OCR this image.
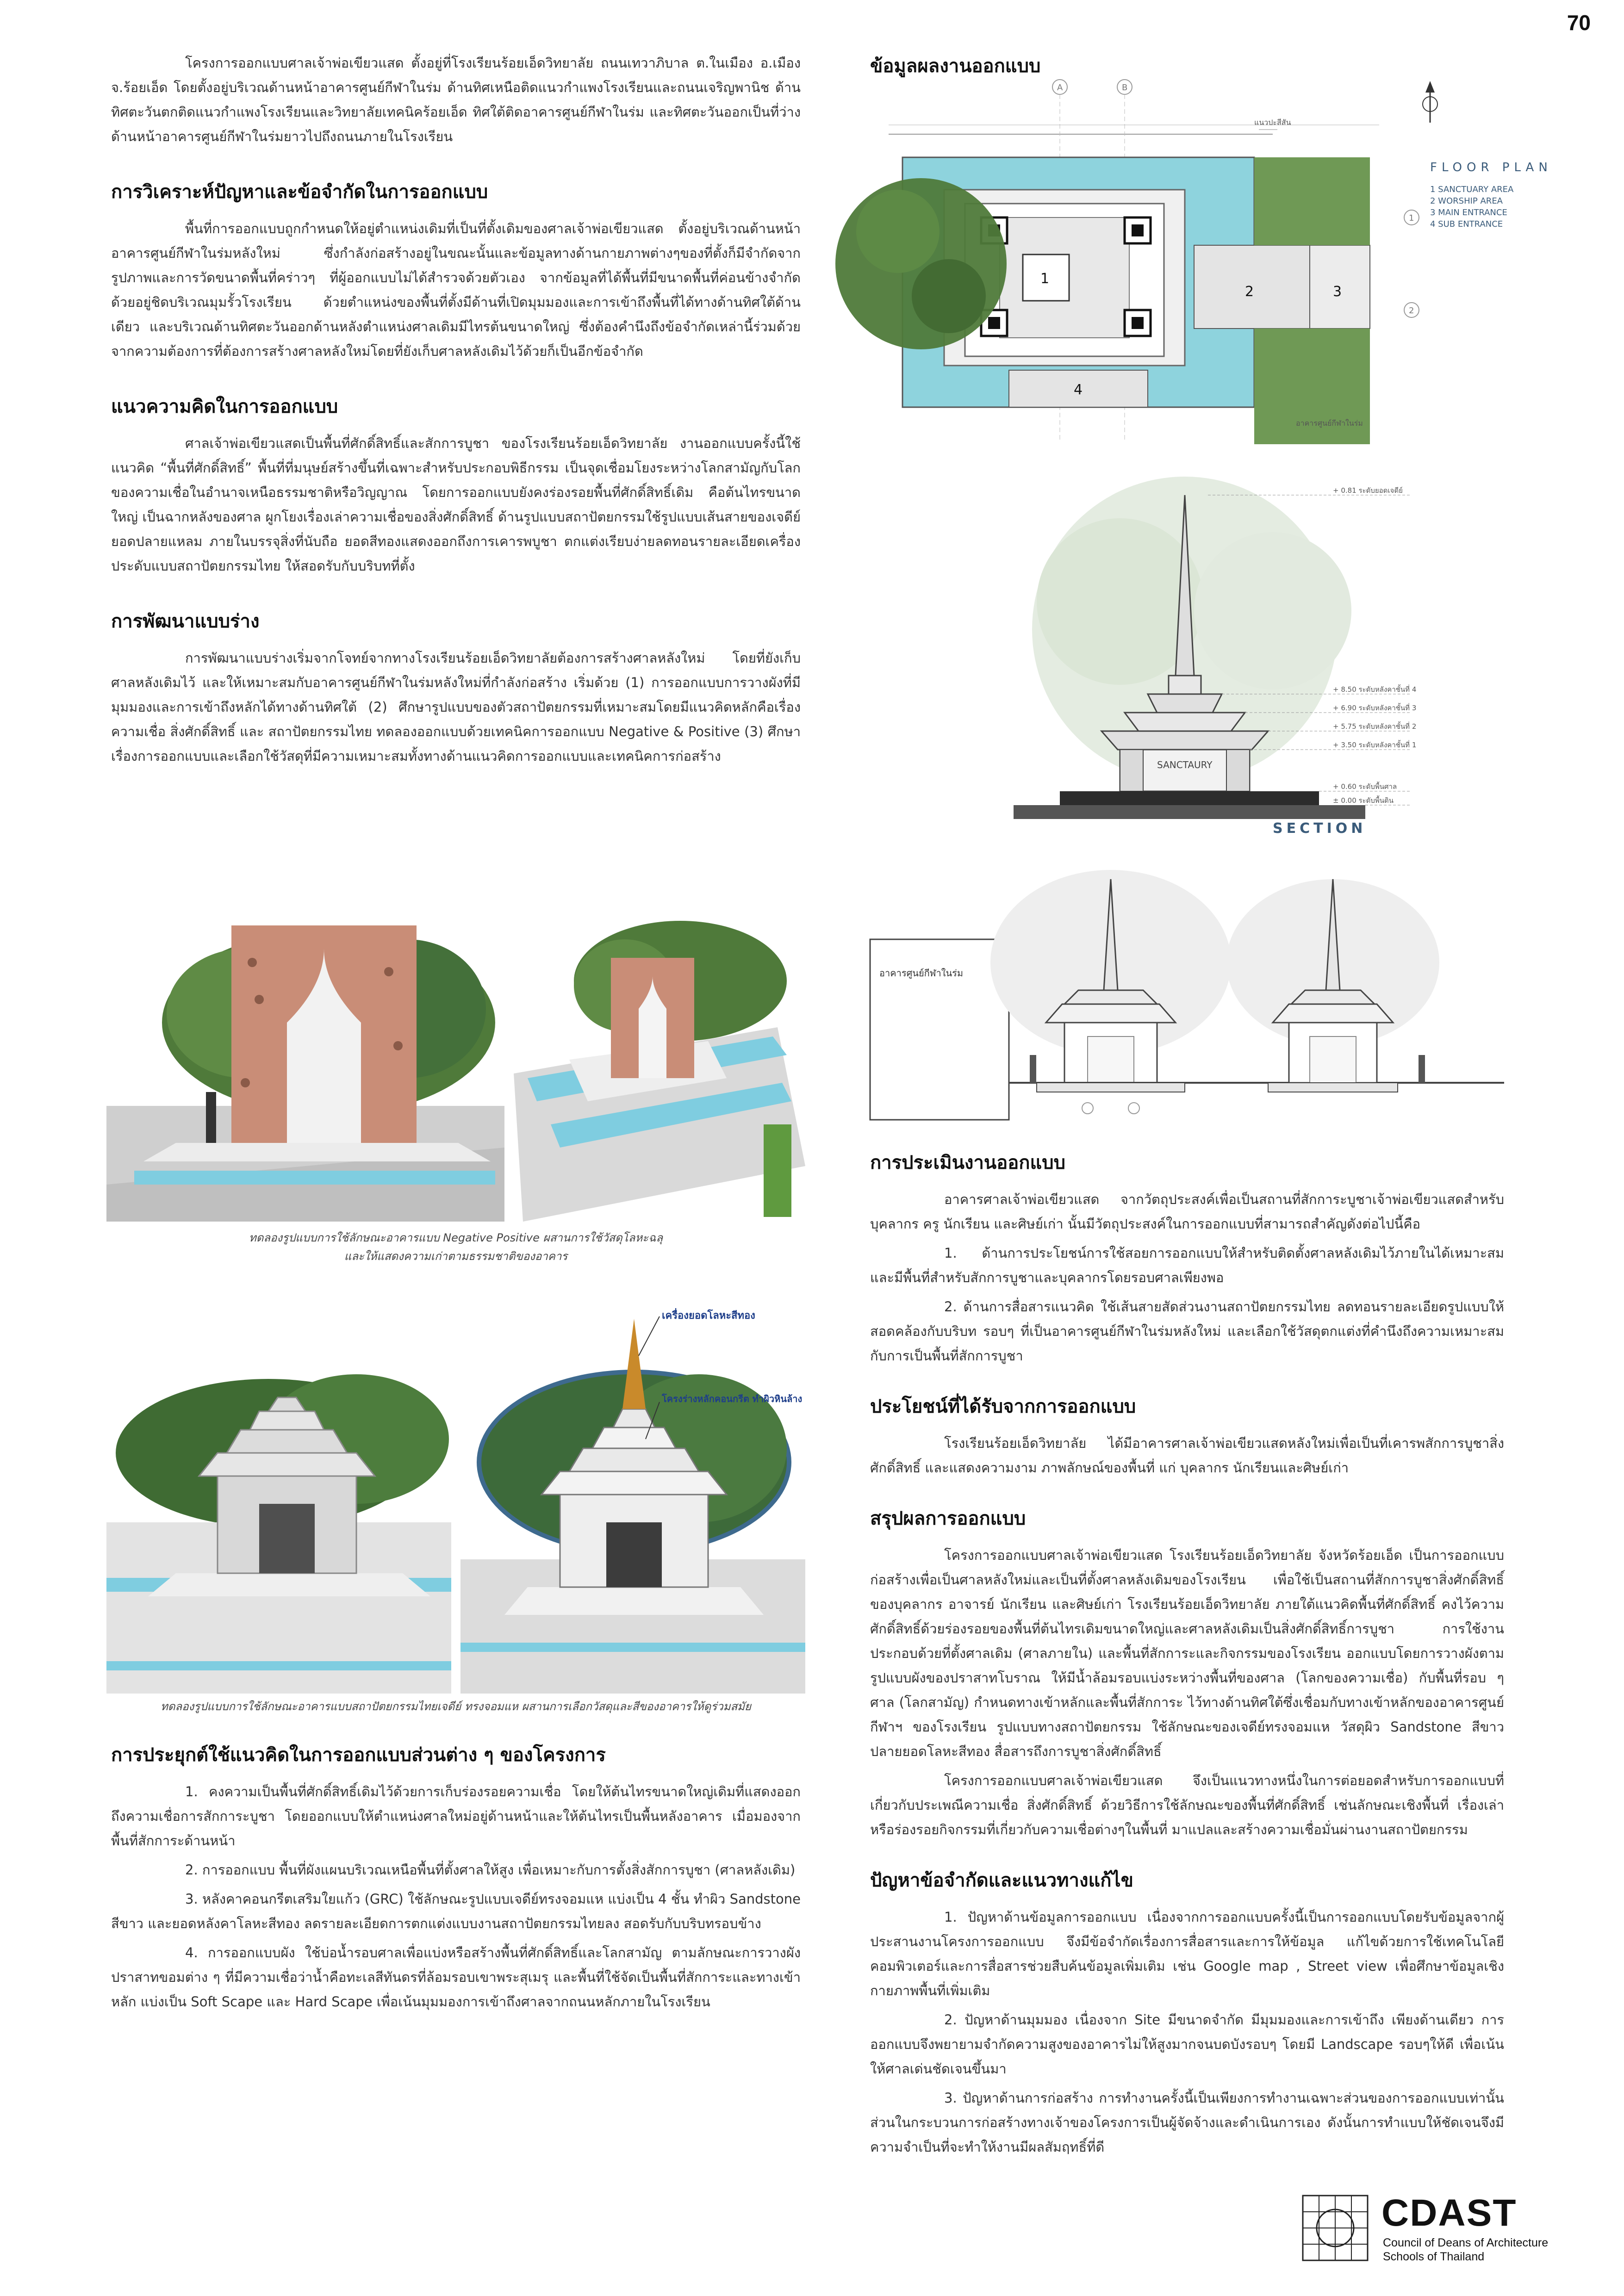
70

โครงการออกแบบศาลเจ้าพ่อเขียวแสด ตั้งอยู่ที่โรงเรียนร้อยเอ็ดวิทยาลัย ถนนเทวาภิบาล ต.ในเมือง อ.เมือง จ.ร้อยเอ็ด โดยตั้งอยู่บริเวณด้านหน้าอาคารศูนย์กีฬาในร่ม ด้านทิศเหนือติดแนวกำแพงโรงเรียนและถนนเจริญพานิช ด้านทิศตะวันตกติดแนวกำแพงโรงเรียนและวิทยาลัยเทคนิคร้อยเอ็ด ทิศใต้ติดอาคารศูนย์กีฬาในร่ม และทิศตะวันออกเป็นที่ว่างด้านหน้าอาคารศูนย์กีฬาในร่มยาวไปถึงถนนภายในโรงเรียน

การวิเคราะห์ปัญหาและข้อจำกัดในการออกแบบ

พื้นที่การออกแบบถูกกำหนดให้อยู่ตำแหน่งเดิมที่เป็นที่ตั้งเดิมของศาลเจ้าพ่อเขียวแสด ตั้งอยู่บริเวณด้านหน้าอาคารศูนย์กีฬาในร่มหลังใหม่ ซึ่งกำลังก่อสร้างอยู่ในขณะนั้นและข้อมูลทางด้านกายภาพต่างๆของที่ตั้งก็มีจำกัดจากรูปภาพและการวัดขนาดพื้นที่คร่าวๆ ที่ผู้ออกแบบไม่ได้สำรวจด้วยตัวเอง จากข้อมูลที่ได้พื้นที่มีขนาดพื้นที่ค่อนข้างจำกัดด้วยอยู่ชิดบริเวณมุมรั้วโรงเรียน ด้วยตำแหน่งของพื้นที่ตั้งมีด้านที่เปิดมุมมองและการเข้าถึงพื้นที่ได้ทางด้านทิศใต้ด้านเดียว และบริเวณด้านทิศตะวันออกด้านหลังตำแหน่งศาลเดิมมีไทรต้นขนาดใหญ่ ซึ่งต้องคำนึงถึงข้อจำกัดเหล่านี้ร่วมด้วย จากความต้องการที่ต้องการสร้างศาลหลังใหม่โดยที่ยังเก็บศาลหลังเดิมไว้ด้วยก็เป็นอีกข้อจำกัด

แนวความคิดในการออกแบบ

ศาลเจ้าพ่อเขียวแสดเป็นพื้นที่ศักดิ์สิทธิ์และสักการบูชา ของโรงเรียนร้อยเอ็ดวิทยาลัย งานออกแบบครั้งนี้ใช้แนวคิด “พื้นที่ศักดิ์สิทธิ์” พื้นที่ที่มนุษย์สร้างขึ้นที่เฉพาะสำหรับประกอบพิธีกรรม เป็นจุดเชื่อมโยงระหว่างโลกสามัญกับโลกของความเชื่อในอำนาจเหนือธรรมชาติหรือวิญญาณ โดยการออกแบบยังคงร่องรอยพื้นที่ศักดิ์สิทธิ์เดิม คือต้นไทรขนาดใหญ่ เป็นฉากหลังของศาล ผูกโยงเรื่องเล่าความเชื่อของสิ่งศักดิ์สิทธิ์ ด้านรูปแบบสถาปัตยกรรมใช้รูปแบบเส้นสายของเจดีย์ยอดปลายแหลม ภายในบรรจุสิ่งที่นับถือ ยอดสีทองแสดงออกถึงการเคารพบูชา ตกแต่งเรียบง่ายลดทอนรายละเอียดเครื่องประดับแบบสถาปัตยกรรมไทย ให้สอดรับกับบริบทที่ตั้ง

การพัฒนาแบบร่าง

การพัฒนาแบบร่างเริ่มจากโจทย์จากทางโรงเรียนร้อยเอ็ดวิทยาลัยต้องการสร้างศาลหลังใหม่ โดยที่ยังเก็บศาลหลังเดิมไว้ และให้เหมาะสมกับอาคารศูนย์กีฬาในร่มหลังใหม่ที่กำลังก่อสร้าง เริ่มด้วย (1) การออกแบบการวางผังที่มีมุมมองและการเข้าถึงหลักได้ทางด้านทิศใต้ (2) ศึกษารูปแบบของตัวสถาปัตยกรรมที่เหมาะสมโดยมีแนวคิดหลักคือเรื่องความเชื่อ สิ่งศักดิ์สิทธิ์ และ สถาปัตยกรรมไทย ทดลองออกแบบด้วยเทคนิคการออกแบบ Negative & Positive (3) ศึกษาเรื่องการออกแบบและเลือกใช้วัสดุที่มีความเหมาะสมทั้งทางด้านแนวคิดการออกแบบและเทคนิคการก่อสร้าง

ทดลองรูปแบบการใช้ลักษณะอาคารแบบ Negative Positive ผสานการใช้วัสดุโลหะฉลุ
และให้แสดงความเก่าตามธรรมชาติของอาคาร
เครื่องยอดโลหะสีทอง
โครงร่างหลักคอนกรีต ทำผิวหินล้าง
ทดลองรูปแบบการใช้ลักษณะอาคารแบบสถาปัตยกรรมไทยเจดีย์ ทรงจอมแห ผสานการเลือกวัสดุและสีของอาคารให้ดูร่วมสมัย
การประยุกต์ใช้แนวคิดในการออกแบบส่วนต่าง ๆ ของโครงการ

1. คงความเป็นพื้นที่ศักดิ์สิทธิ์เดิมไว้ด้วยการเก็บร่องรอยความเชื่อ โดยให้ต้นไทรขนาดใหญ่เดิมที่แสดงออกถึงความเชื่อการสักการะบูชา โดยออกแบบให้ตำแหน่งศาลใหม่อยู่ด้านหน้าและให้ต้นไทรเป็นพื้นหลังอาคาร เมื่อมองจากพื้นที่สักการะด้านหน้า

2. การออกแบบ พื้นที่ผังแผนบริเวณเหนือพื้นที่ตั้งศาลให้สูง เพื่อเหมาะกับการตั้งสิ่งสักการบูชา (ศาลหลังเดิม)

3. หลังคาคอนกรีตเสริมใยแก้ว (GRC) ใช้ลักษณะรูปแบบเจดีย์ทรงจอมแห แบ่งเป็น 4 ชั้น ทำผิว Sandstone สีขาว และยอดหลังคาโลหะสีทอง ลดรายละเอียดการตกแต่งแบบงานสถาปัตยกรรมไทยลง สอดรับกับบริบทรอบข้าง

4. การออกแบบผัง ใช้บ่อน้ำรอบศาลเพื่อแบ่งหรือสร้างพื้นที่ศักดิ์สิทธิ์และโลกสามัญ ตามลักษณะการวางผังปราสาทขอมต่าง ๆ ที่มีความเชื่อว่าน้ำคือทะเลสีทันดรที่ล้อมรอบเขาพระสุเมรุ และพื้นที่ใช้จัดเป็นพื้นที่สักการะและทางเข้าหลัก แบ่งเป็น Soft Scape และ Hard Scape เพื่อเน้นมุมมองการเข้าถึงศาลจากถนนหลักภายในโรงเรียน

ข้อมูลผลงานออกแบบ
A	B
1
2	3
4
แนวปะสีสัน
อาคารศูนย์กีฬาในร่ม
2
1
FLOOR PLAN
1 SANCTUARY AREA
2 WORSHIP AREA
3 MAIN ENTRANCE
4 SUB ENTRANCE
SANCTAURY
+ 0.81 ระดับยอดเจดีย์
+ 8.50 ระดับหลังคาชั้นที่ 4
+ 6.90 ระดับหลังคาชั้นที่ 3
+ 5.75 ระดับหลังคาชั้นที่ 2
+ 3.50 ระดับหลังคาชั้นที่ 1
+ 0.60 ระดับพื้นศาล
± 0.00 ระดับพื้นดิน
SECTION
อาคารศูนย์กีฬาในร่ม
การประเมินงานออกแบบ

อาคารศาลเจ้าพ่อเขียวแสด จากวัตถุประสงค์เพื่อเป็นสถานที่สักการะบูชาเจ้าพ่อเขียวแสดสำหรับ บุคลากร ครู นักเรียน และศิษย์เก่า นั้นมีวัตถุประสงค์ในการออกแบบที่สามารถสำคัญดังต่อไปนี้คือ

1. ด้านการประโยชน์การใช้สอยการออกแบบให้สำหรับติดตั้งศาลหลังเดิมไว้ภายในได้เหมาะสม และมีพื้นที่สำหรับสักการบูชาและบุคลากรโดยรอบศาลเพียงพอ

2. ด้านการสื่อสารแนวคิด ใช้เส้นสายสัดส่วนงานสถาปัตยกรรมไทย ลดทอนรายละเอียดรูปแบบให้สอดคล้องกับบริบท รอบๆ ที่เป็นอาคารศูนย์กีฬาในร่มหลังใหม่ และเลือกใช้วัสดุตกแต่งที่คำนึงถึงความเหมาะสมกับการเป็นพื้นที่สักการบูชา

ประโยชน์ที่ได้รับจากการออกแบบ

โรงเรียนร้อยเอ็ดวิทยาลัย ได้มีอาคารศาลเจ้าพ่อเขียวแสดหลังใหม่เพื่อเป็นที่เคารพสักการบูชาสิ่งศักดิ์สิทธิ์ และแสดงความงาม ภาพลักษณ์ของพื้นที่ แก่ บุคลากร นักเรียนและศิษย์เก่า

สรุปผลการออกแบบ

โครงการออกแบบศาลเจ้าพ่อเขียวแสด โรงเรียนร้อยเอ็ดวิทยาลัย จังหวัดร้อยเอ็ด เป็นการออกแบบก่อสร้างเพื่อเป็นศาลหลังใหม่และเป็นที่ตั้งศาลหลังเดิมของโรงเรียน เพื่อใช้เป็นสถานที่สักการบูชาสิ่งศักดิ์สิทธิ์ของบุคลากร อาจารย์ นักเรียน และศิษย์เก่า โรงเรียนร้อยเอ็ดวิทยาลัย ภายใต้แนวคิดพื้นที่ศักดิ์สิทธิ์ คงไว้ความศักดิ์สิทธิ์ด้วยร่องรอยของพื้นที่ต้นไทรเดิมขนาดใหญ่และศาลหลังเดิมเป็นสิ่งศักดิ์สิทธิ์การบูชา การใช้งานประกอบด้วยที่ตั้งศาลเดิม (ศาลภายใน) และพื้นที่สักการะและกิจกรรมของโรงเรียน ออกแบบโดยการวางผังตามรูปแบบผังของปราสาทโบราณ ให้มีน้ำล้อมรอบแบ่งระหว่างพื้นที่ของศาล (โลกของความเชื่อ) กับพื้นที่รอบ ๆ ศาล (โลกสามัญ) กำหนดทางเข้าหลักและพื้นที่สักการะ ไว้ทางด้านทิศใต้ซึ่งเชื่อมกับทางเข้าหลักของอาคารศูนย์กีฬาฯ ของโรงเรียน รูปแบบทางสถาปัตยกรรม ใช้ลักษณะของเจดีย์ทรงจอมแห วัสดุผิว Sandstone สีขาว ปลายยอดโลหะสีทอง สื่อสารถึงการบูชาสิ่งศักดิ์สิทธิ์

โครงการออกแบบศาลเจ้าพ่อเขียวแสด จึงเป็นแนวทางหนึ่งในการต่อยอดสำหรับการออกแบบที่เกี่ยวกับประเพณีความเชื่อ สิ่งศักดิ์สิทธิ์ ด้วยวิธีการใช้ลักษณะของพื้นที่ศักดิ์สิทธิ์ เช่นลักษณะเชิงพื้นที่ เรื่องเล่า หรือร่องรอยกิจกรรมที่เกี่ยวกับความเชื่อต่างๆในพื้นที่ มาแปลและสร้างความเชื่อมั่นผ่านงานสถาปัตยกรรม

ปัญหาข้อจำกัดและแนวทางแก้ไข

1. ปัญหาด้านข้อมูลการออกแบบ เนื่องจากการออกแบบครั้งนี้เป็นการออกแบบโดยรับข้อมูลจากผู้ประสานงานโครงการออกแบบ จึงมีข้อจำกัดเรื่องการสื่อสารและการให้ข้อมูล แก้ไขด้วยการใช้เทคโนโลยีคอมพิวเตอร์และการสื่อสารช่วยสืบค้นข้อมูลเพิ่มเติม เช่น Google map , Street view เพื่อศึกษาข้อมูลเชิงกายภาพพื้นที่เพิ่มเติม

2. ปัญหาด้านมุมมอง เนื่องจาก Site มีขนาดจำกัด มีมุมมองและการเข้าถึง เพียงด้านเดียว การออกแบบจึงพยายามจำกัดความสูงของอาคารไม่ให้สูงมากจนบดบังรอบๆ โดยมี Landscape รอบๆให้ดี เพื่อเน้นให้ศาลเด่นชัดเจนขึ้นมา

3. ปัญหาด้านการก่อสร้าง การทำงานครั้งนี้เป็นเพียงการทำงานเฉพาะส่วนของการออกแบบเท่านั้น ส่วนในกระบวนการก่อสร้างทางเจ้าของโครงการเป็นผู้จัดจ้างและดำเนินการเอง ดังนั้นการทำแบบให้ชัดเจนจึงมีความจำเป็นที่จะทำให้งานมีผลสัมฤทธิ์ที่ดี

CDAST
Council of Deans of Architecture
Schools of Thailand
